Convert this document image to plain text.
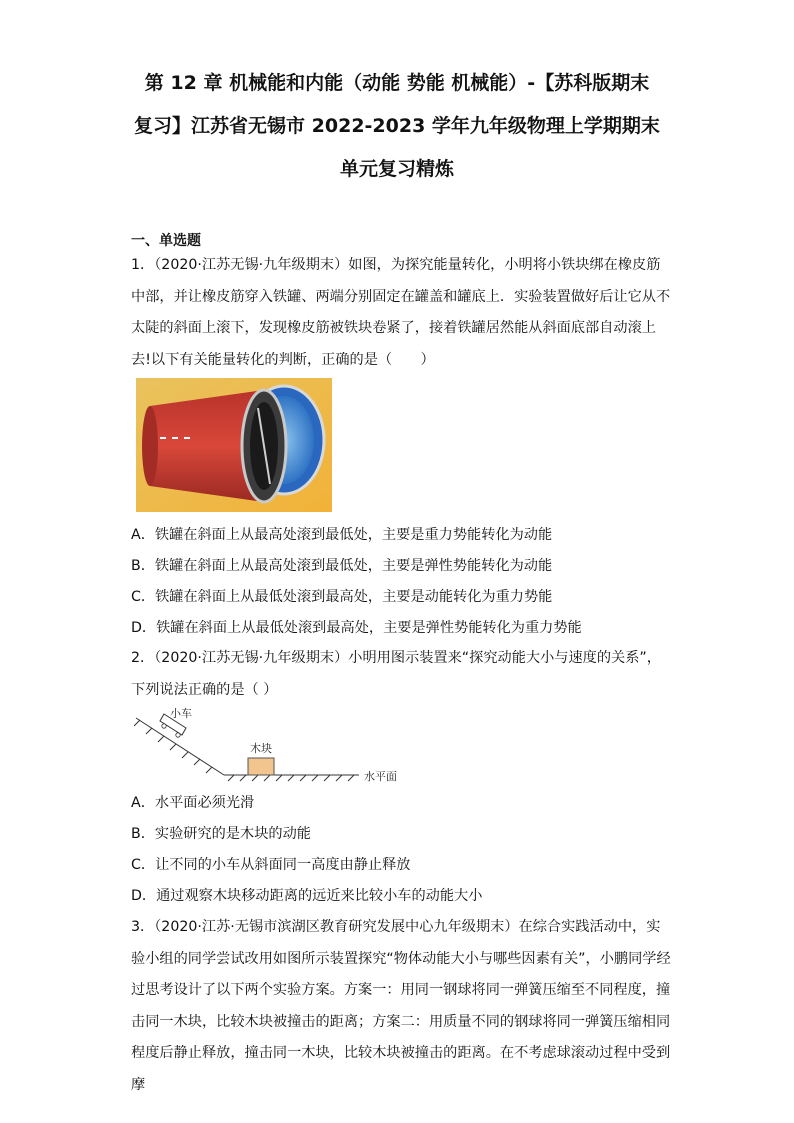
第 12 章 机械能和内能（动能 势能 机械能）-【苏科版期末
复习】江苏省无锡市 2022-2023 学年九年级物理上学期期末
单元复习精炼
一、单选题
1．（2020·江苏无锡·九年级期末）如图，为探究能量转化，小明将小铁块绑在橡皮筋中部，并让橡皮筋穿入铁罐、两端分别固定在罐盖和罐底上．实验装置做好后让它从不太陡的斜面上滚下，发现橡皮筋被铁块卷紧了，接着铁罐居然能从斜面底部自动滚上去!以下有关能量转化的判断，正确的是（　　）
A．铁罐在斜面上从最高处滚到最低处，主要是重力势能转化为动能
B．铁罐在斜面上从最高处滚到最低处，主要是弹性势能转化为动能
C．铁罐在斜面上从最低处滚到最高处，主要是动能转化为重力势能
D．铁罐在斜面上从最低处滚到最高处，主要是弹性势能转化为重力势能
2．（2020·江苏无锡·九年级期末）小明用图示装置来“探究动能大小与速度的关系”，下列说法正确的是（ ）
小车
木块
水平面
A．水平面必须光滑
B．实验研究的是木块的动能
C．让不同的小车从斜面同一高度由静止释放
D．通过观察木块移动距离的远近来比较小车的动能大小
3．（2020·江苏·无锡市滨湖区教育研究发展中心九年级期末）在综合实践活动中，实验小组的同学尝试改用如图所示装置探究“物体动能大小与哪些因素有关”，小鹏同学经过思考设计了以下两个实验方案。方案一：用同一钢球将同一弹簧压缩至不同程度，撞击同一木块，比较木块被撞击的距离；方案二：用质量不同的钢球将同一弹簧压缩相同程度后静止释放，撞击同一木块，比较木块被撞击的距离。在不考虑球滚动过程中受到摩
